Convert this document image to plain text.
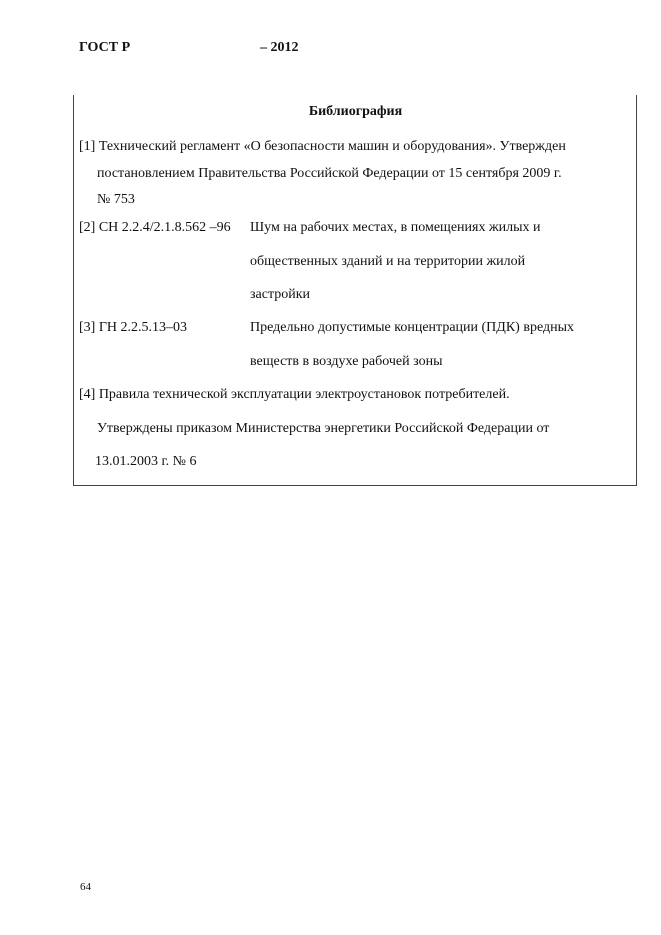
ГОСТ Р	– 2012
Библиография
[1] Технический регламент «О безопасности машин и оборудования». Утвержден
постановлением Правительства Российской Федерации от 15 сентября 2009 г.
№ 753
[2] СН 2.2.4/2.1.8.562 –96 Шум на рабочих местах, в помещениях жилых и
общественных зданий и на территории жилой
застройки
[3] ГН 2.2.5.13–03	Предельно допустимые концентрации (ПДК) вредных
веществ в воздухе рабочей зоны
[4] Правила технической эксплуатации электроустановок потребителей.
Утверждены приказом Министерства энергетики Российской Федерации от
13.01.2003 г. № 6
64
